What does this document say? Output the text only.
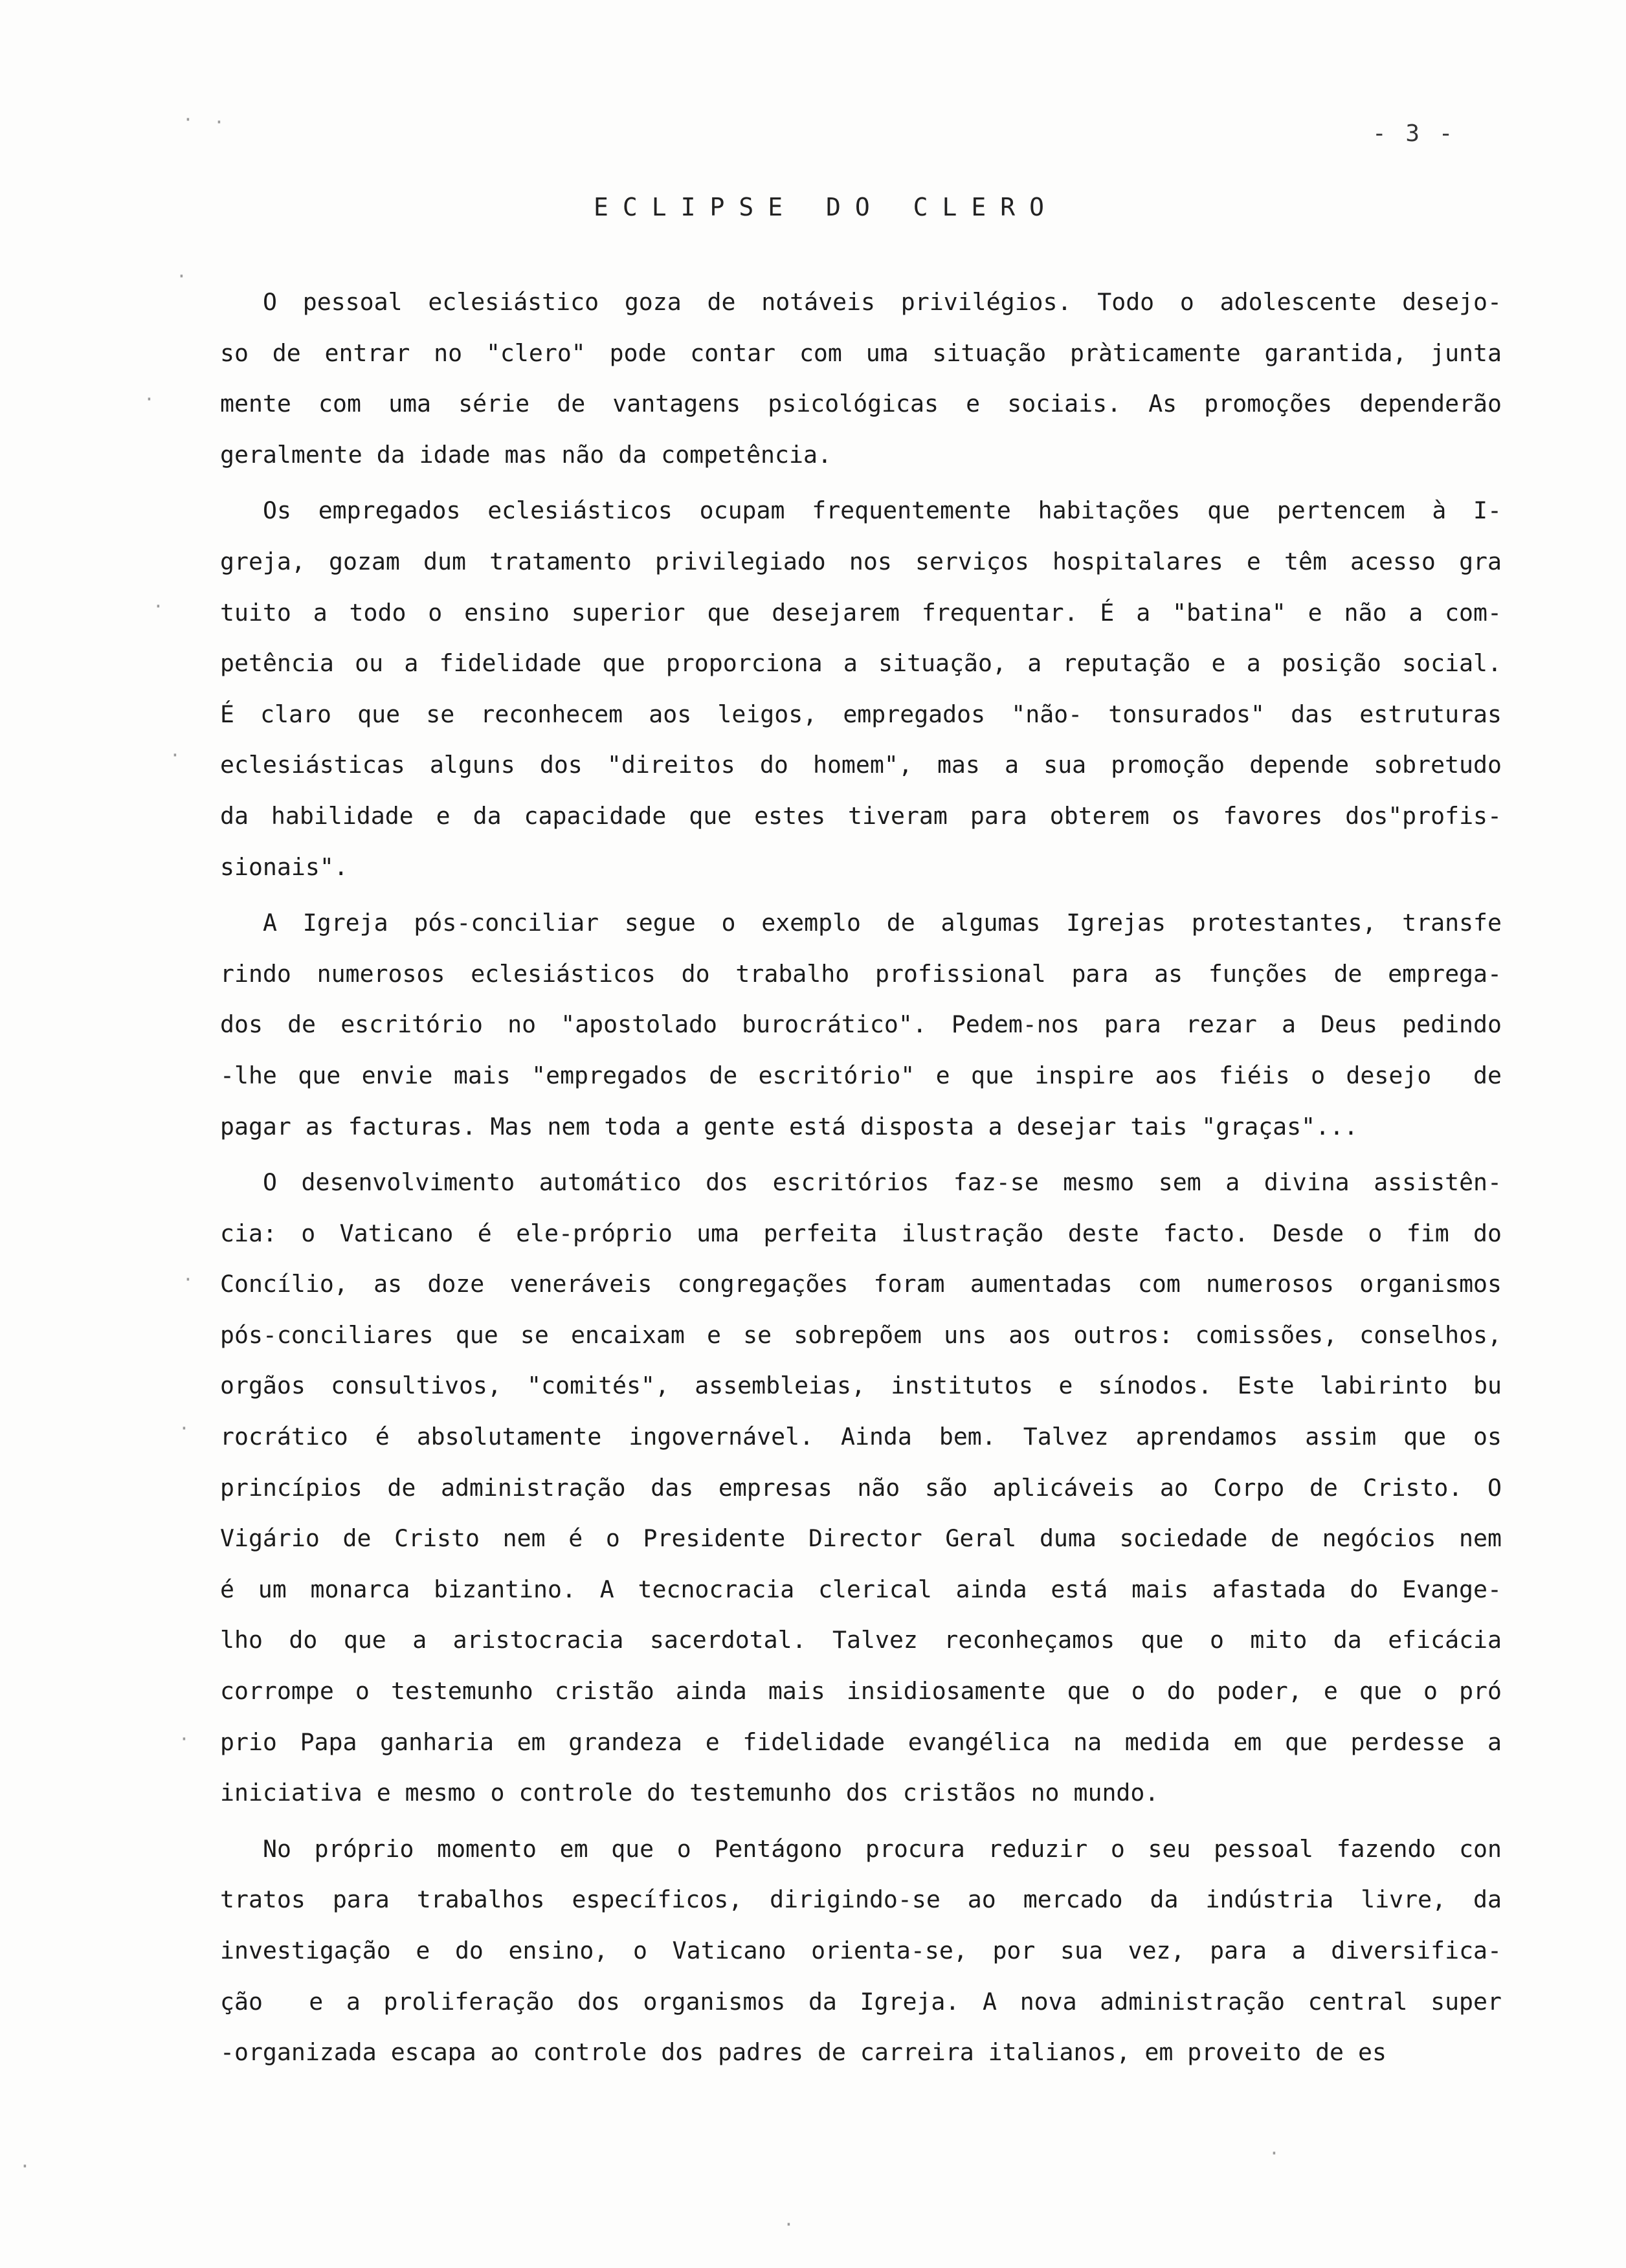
- 3 -
ECLIPSE DO CLERO
O pessoal eclesiástico goza de notáveis privilégios. Todo o adolescente desejo-
so de entrar no "clero" pode contar com uma situação pràticamente garantida, junta
mente com uma série de vantagens psicológicas e sociais. As promoções dependerão
geralmente da idade mas não da competência.
Os empregados eclesiásticos ocupam frequentemente habitações que pertencem à I-
greja, gozam dum tratamento privilegiado nos serviços hospitalares e têm acesso gra
tuito a todo o ensino superior que desejarem frequentar. É a "batina" e não a com-
petência ou a fidelidade que proporciona a situação, a reputação e a posição social.
É claro que se reconhecem aos leigos, empregados "não- tonsurados" das estruturas
eclesiásticas alguns dos "direitos do homem", mas a sua promoção depende sobretudo
da habilidade e da capacidade que estes tiveram para obterem os favores dos"profis-
sionais".
A Igreja pós-conciliar segue o exemplo de algumas Igrejas protestantes, transfe
rindo numerosos eclesiásticos do trabalho profissional para as funções de emprega-
dos de escritório no "apostolado burocrático". Pedem-nos para rezar a Deus pedindo
-lhe que envie mais "empregados de escritório" e que inspire aos fiéis o desejo  de
pagar as facturas. Mas nem toda a gente está disposta a desejar tais "graças"...
O desenvolvimento automático dos escritórios faz-se mesmo sem a divina assistên-
cia: o Vaticano é ele-próprio uma perfeita ilustração deste facto. Desde o fim do
Concílio, as doze veneráveis congregações foram aumentadas com numerosos organismos
pós-conciliares que se encaixam e se sobrepõem uns aos outros: comissões, conselhos,
orgãos consultivos, "comités", assembleias, institutos e sínodos. Este labirinto bu
rocrático é absolutamente ingovernável. Ainda bem. Talvez aprendamos assim que os
princípios de administração das empresas não são aplicáveis ao Corpo de Cristo. O
Vigário de Cristo nem é o Presidente Director Geral duma sociedade de negócios nem
é um monarca bizantino. A tecnocracia clerical ainda está mais afastada do Evange-
lho do que a aristocracia sacerdotal. Talvez reconheçamos que o mito da eficácia
corrompe o testemunho cristão ainda mais insidiosamente que o do poder, e que o pró
prio Papa ganharia em grandeza e fidelidade evangélica na medida em que perdesse a
iniciativa e mesmo o controle do testemunho dos cristãos no mundo.
No próprio momento em que o Pentágono procura reduzir o seu pessoal fazendo con
tratos para trabalhos específicos, dirigindo-se ao mercado da indústria livre, da
investigação e do ensino, o Vaticano orienta-se, por sua vez, para a diversifica-
ção  e a proliferação dos organismos da Igreja. A nova administração central super
-organizada escapa ao controle dos padres de carreira italianos, em proveito de es
· ·
·
·
·
·
·
·
·
·
·
·
